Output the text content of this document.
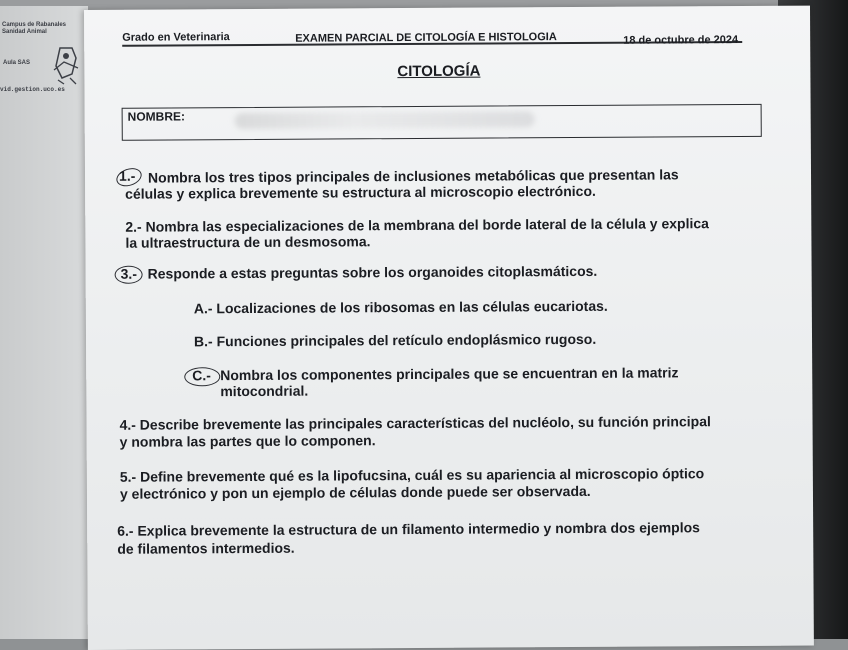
Campus de Rabanales
Sanidad Animal
Aula SAS
vid.gestion.uco.es
Grado en Veterinaria	EXAMEN PARCIAL DE CITOLOGÍA E HISTOLOGIA	18 de octubre de 2024
CITOLOGÍA
NOMBRE:
1.- Nombra los tres tipos principales de inclusiones metabólicas que presentan las
células y explica brevemente su estructura al microscopio electrónico.
2.- Nombra las especializaciones de la membrana del borde lateral de la célula y explica
la ultraestructura de un desmosoma.
3.- Responde a estas preguntas sobre los organoides citoplasmáticos.
A.- Localizaciones de los ribosomas en las células eucariotas.
B.- Funciones principales del retículo endoplásmico rugoso.
C.- Nombra los componentes principales que se encuentran en la matriz
mitocondrial.
4.- Describe brevemente las principales características del nucléolo, su función principal
y nombra las partes que lo componen.
5.- Define brevemente qué es la lipofucsina, cuál es su apariencia al microscopio óptico
y electrónico y pon un ejemplo de células donde puede ser observada.
6.- Explica brevemente la estructura de un filamento intermedio y nombra dos ejemplos
de filamentos intermedios.
